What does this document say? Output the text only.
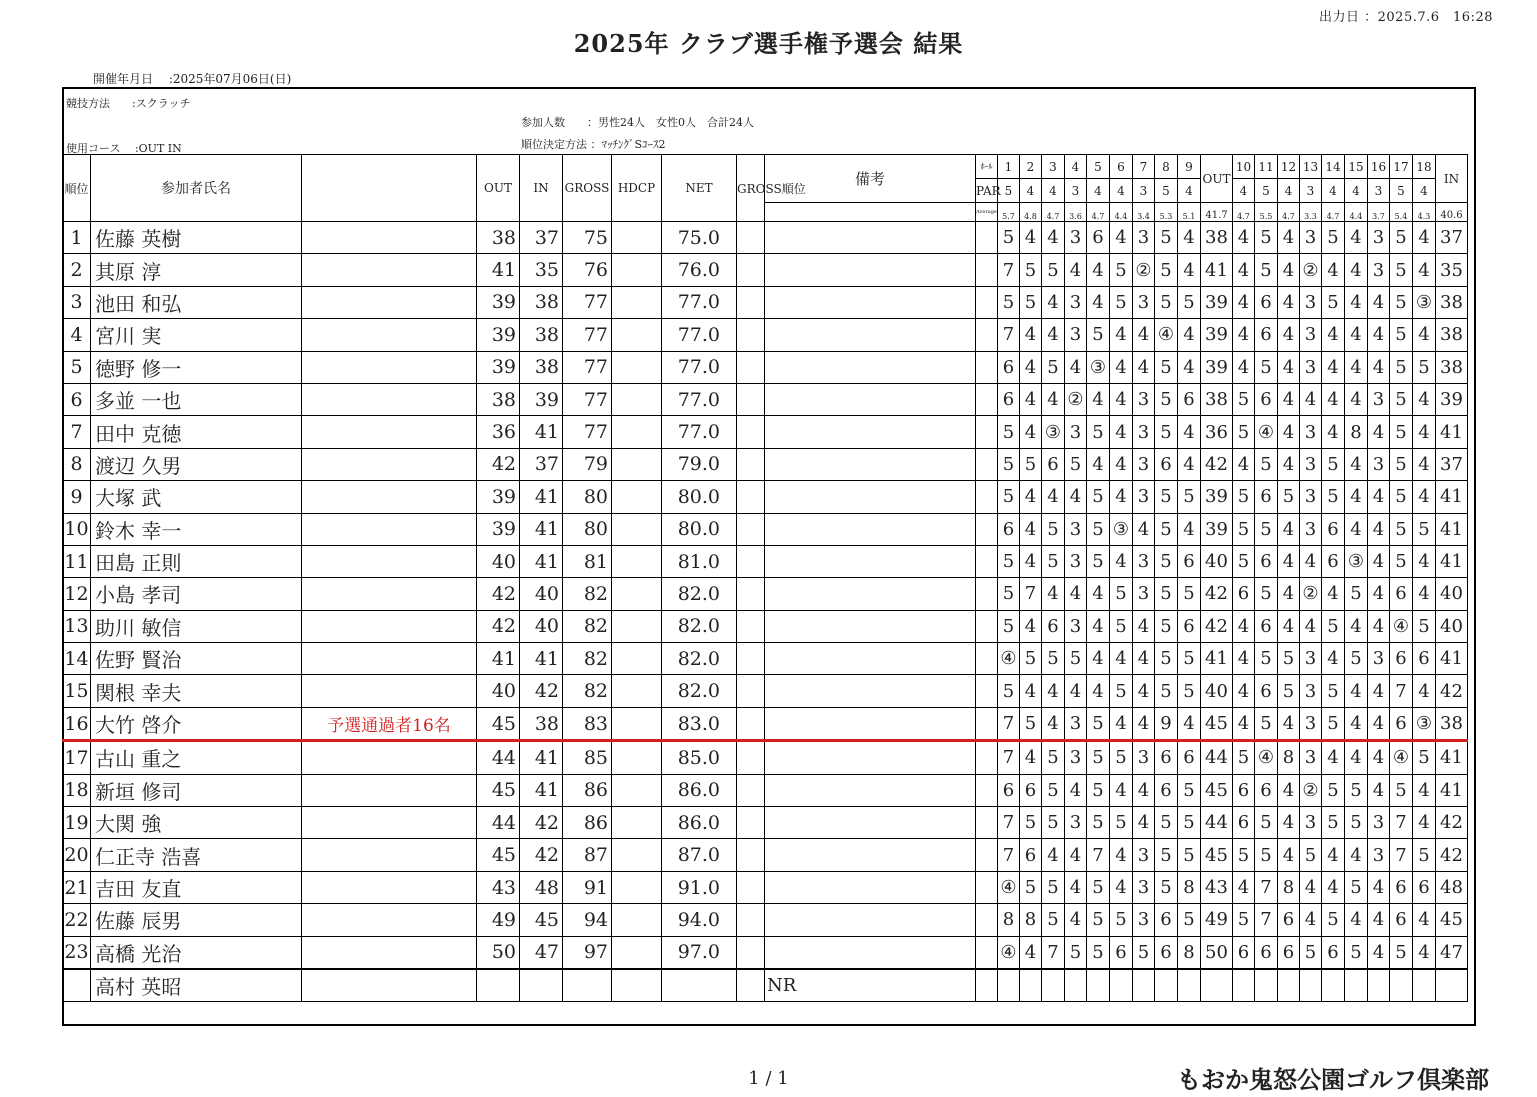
出力日 ：2025.7.6　16:28
2025年 クラブ選手権予選会 結果
開催年月日　 :2025年07月06日(日)
競技方法　　:スクラッチ
使用コース　 :OUT IN
参加人数　　：男性24人　女性0人　合計24人
順位決定方法 ：ﾏｯﾁﾝｸﾞSｺｰｽ2
順位	参加者氏名		OUT	IN	GROSS	HDCP	NET	GROSS順位	備考	ﾎｰﾙ	1	2	3	4	5	6	7	8	9	OUT	10	11	12	13	14	15	16	17	18	IN
										PAR	5	4	4	3	4	4	3	5	4		4	5	4	3	4	4	3	5	4	
										Average	5.7	4.8	4.7	3.6	4.7	4.4	3.4	5.3	5.1	41.7	4.7	5.5	4.7	3.3	4.7	4.4	3.7	5.4	4.3	40.6
1	佐藤 英樹		38	37	75		75.0				5	4	4	3	6	4	3	5	4	38	4	5	4	3	5	4	3	5	4	37
2	其原 淳		41	35	76		76.0				7	5	5	4	4	5	②	5	4	41	4	5	4	②	4	4	3	5	4	35
3	池田 和弘		39	38	77		77.0				5	5	4	3	4	5	3	5	5	39	4	6	4	3	5	4	4	5	③	38
4	宮川 実		39	38	77		77.0				7	4	4	3	5	4	4	④	4	39	4	6	4	3	4	4	4	5	4	38
5	徳野 修一		39	38	77		77.0				6	4	5	4	③	4	4	5	4	39	4	5	4	3	4	4	4	5	5	38
6	多並 一也		38	39	77		77.0				6	4	4	②	4	4	3	5	6	38	5	6	4	4	4	4	3	5	4	39
7	田中 克徳		36	41	77		77.0				5	4	③	3	5	4	3	5	4	36	5	④	4	3	4	8	4	5	4	41
8	渡辺 久男		42	37	79		79.0				5	5	6	5	4	4	3	6	4	42	4	5	4	3	5	4	3	5	4	37
9	大塚 武		39	41	80		80.0				5	4	4	4	5	4	3	5	5	39	5	6	5	3	5	4	4	5	4	41
10	鈴木 幸一		39	41	80		80.0				6	4	5	3	5	③	4	5	4	39	5	5	4	3	6	4	4	5	5	41
11	田島 正則		40	41	81		81.0				5	4	5	3	5	4	3	5	6	40	5	6	4	4	6	③	4	5	4	41
12	小島 孝司		42	40	82		82.0				5	7	4	4	4	5	3	5	5	42	6	5	4	②	4	5	4	6	4	40
13	助川 敏信		42	40	82		82.0				5	4	6	3	4	5	4	5	6	42	4	6	4	4	5	4	4	④	5	40
14	佐野 賢治		41	41	82		82.0				④	5	5	5	4	4	4	5	5	41	4	5	5	3	4	5	3	6	6	41
15	関根 幸夫		40	42	82		82.0				5	4	4	4	4	5	4	5	5	40	4	6	5	3	5	4	4	7	4	42
16	大竹 啓介	予選通過者16名	45	38	83		83.0				7	5	4	3	5	4	4	9	4	45	4	5	4	3	5	4	4	6	③	38
17	古山 重之		44	41	85		85.0				7	4	5	3	5	5	3	6	6	44	5	④	8	3	4	4	4	④	5	41
18	新垣 修司		45	41	86		86.0				6	6	5	4	5	4	4	6	5	45	6	6	4	②	5	5	4	5	4	41
19	大関 強		44	42	86		86.0				7	5	5	3	5	5	4	5	5	44	6	5	4	3	5	5	3	7	4	42
20	仁正寺 浩喜		45	42	87		87.0				7	6	4	4	7	4	3	5	5	45	5	5	4	5	4	4	3	7	5	42
21	吉田 友直		43	48	91		91.0				④	5	5	4	5	4	3	5	8	43	4	7	8	4	4	5	4	6	6	48
22	佐藤 辰男		49	45	94		94.0				8	8	5	4	5	5	3	6	5	49	5	7	6	4	5	4	4	6	4	45
23	高橋 光治		50	47	97		97.0				④	4	7	5	5	6	5	6	8	50	6	6	6	5	6	5	4	5	4	47
	高村 英昭								NR																					
1 / 1	もおか鬼怒公園ゴルフ倶楽部
